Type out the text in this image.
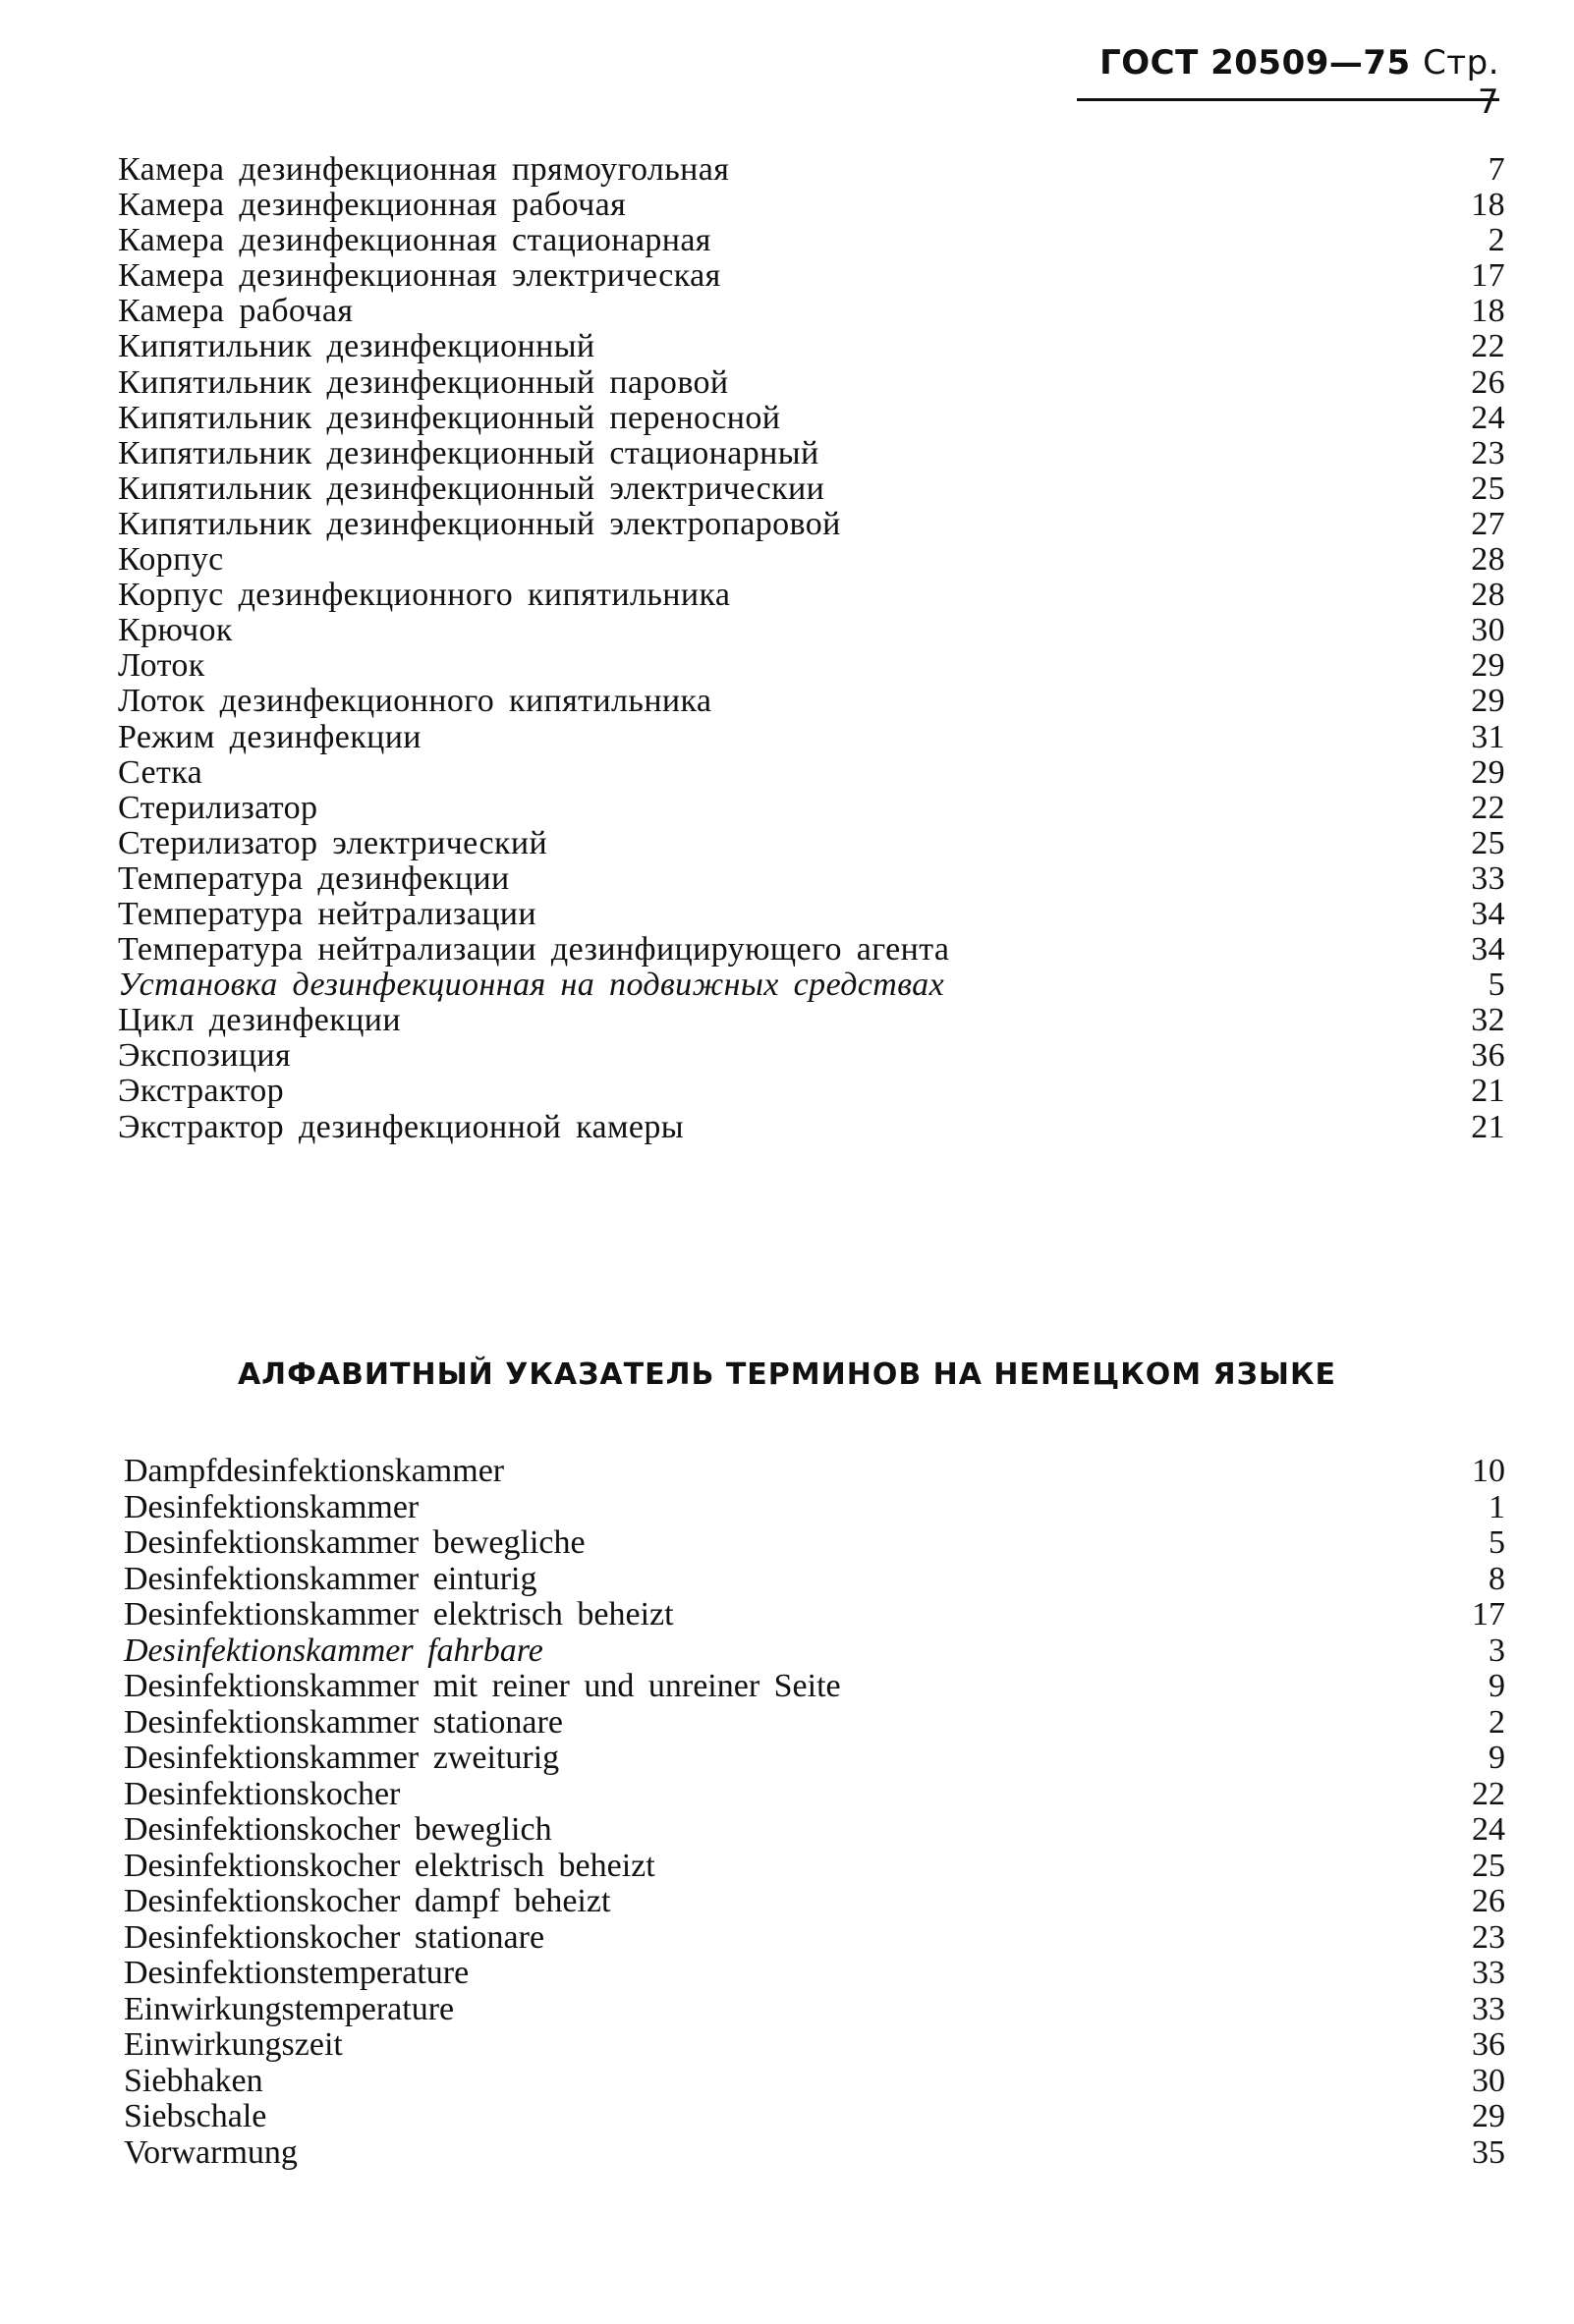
ГОСТ 20509—75 Стр. 7
Камера дезинфекционная прямоугольная	7
Камера дезинфекционная рабочая	18
Камера дезинфекционная стационарная	2
Камера дезинфекционная электрическая	17
Камера рабочая	18
Кипятильник дезинфекционный	22
Кипятильник дезинфекционный паровой	26
Кипятильник дезинфекционный переносной	24
Кипятильник дезинфекционный стационарный	23
Кипятильник дезинфекционный электрическии	25
Кипятильник дезинфекционный электропаровой	27
Корпус	28
Корпус дезинфекционного кипятильника	28
Крючок	30
Лоток	29
Лоток дезинфекционного кипятильника	29
Режим дезинфекции	31
Сетка	29
Стерилизатор	22
Стерилизатор электрический	25
Температура дезинфекции	33
Температура нейтрализации	34
Температура нейтрализации дезинфицирующего агента	34
Установка дезинфекционная на подвижных средствах	5
Цикл дезинфекции	32
Экспозиция	36
Экстрактор	21
Экстрактор дезинфекционной камеры	21
АЛФАВИТНЫЙ УКАЗАТЕЛЬ ТЕРМИНОВ НА НЕМЕЦКОМ ЯЗЫКЕ
Dampfdesinfektionskammer	10
Desinfektionskammer	1
Desinfektionskammer bewegliche	5
Desinfektionskammer einturig	8
Desinfektionskammer elektrisch beheizt	17
Desinfektionskammer fahrbare	3
Desinfektionskammer mit reiner und unreiner Seite	9
Desinfektionskammer stationare	2
Desinfektionskammer zweiturig	9
Desinfektionskocher	22
Desinfektionskocher beweglich	24
Desinfektionskocher elektrisch beheizt	25
Desinfektionskocher dampf beheizt	26
Desinfektionskocher stationare	23
Desinfektionstemperature	33
Einwirkungstemperature	33
Einwirkungszeit	36
Siebhaken	30
Siebschale	29
Vorwarmung	35
